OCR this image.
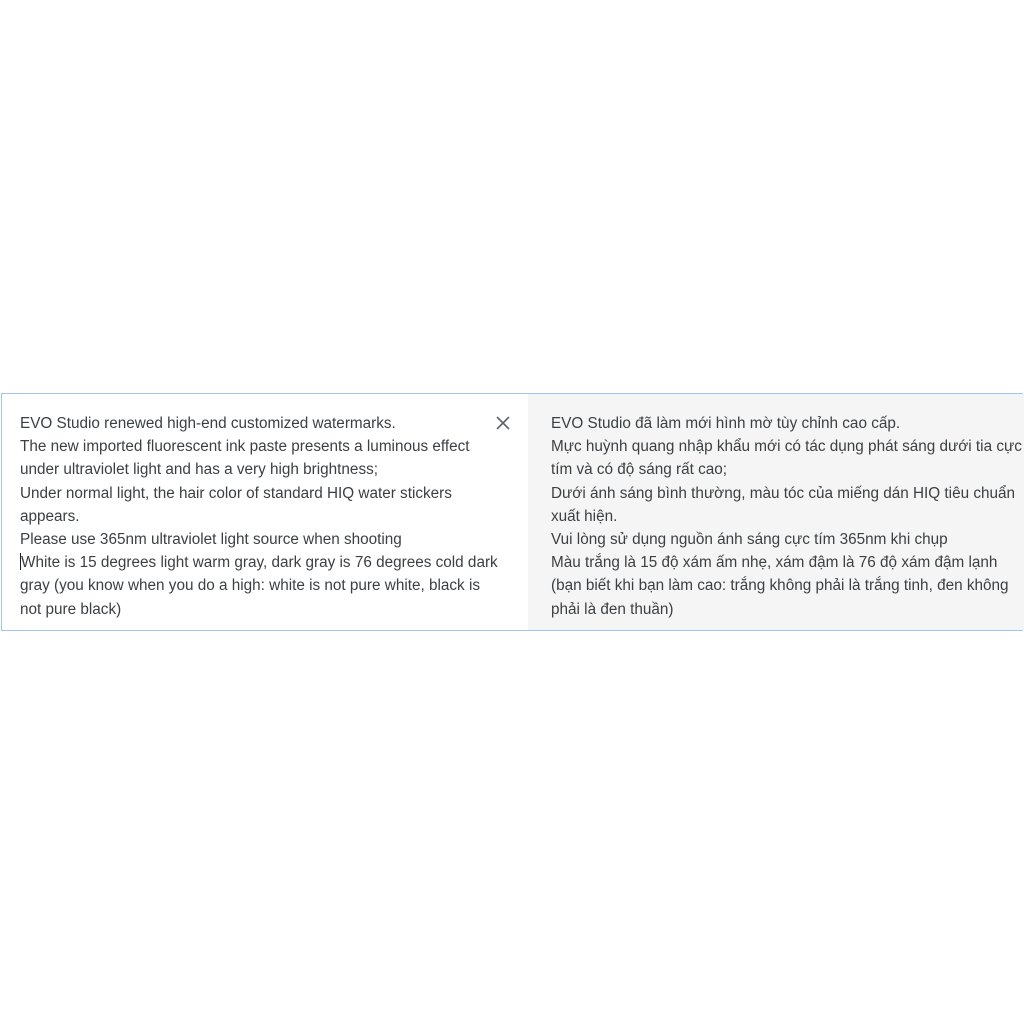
EVO Studio renewed high-end customized watermarks.
The new imported fluorescent ink paste presents a luminous effect
under ultraviolet light and has a very high brightness;
Under normal light, the hair color of standard HIQ water stickers
appears.
Please use 365nm ultraviolet light source when shooting
White is 15 degrees light warm gray, dark gray is 76 degrees cold dark
gray (you know when you do a high: white is not pure white, black is
not pure black)
EVO Studio đã làm mới hình mờ tùy chỉnh cao cấp.
Mực huỳnh quang nhập khẩu mới có tác dụng phát sáng dưới tia cực
tím và có độ sáng rất cao;
Dưới ánh sáng bình thường, màu tóc của miếng dán HIQ tiêu chuẩn
xuất hiện.
Vui lòng sử dụng nguồn ánh sáng cực tím 365nm khi chụp
Màu trắng là 15 độ xám ấm nhẹ, xám đậm là 76 độ xám đậm lạnh
(bạn biết khi bạn làm cao: trắng không phải là trắng tinh, đen không
phải là đen thuần)
